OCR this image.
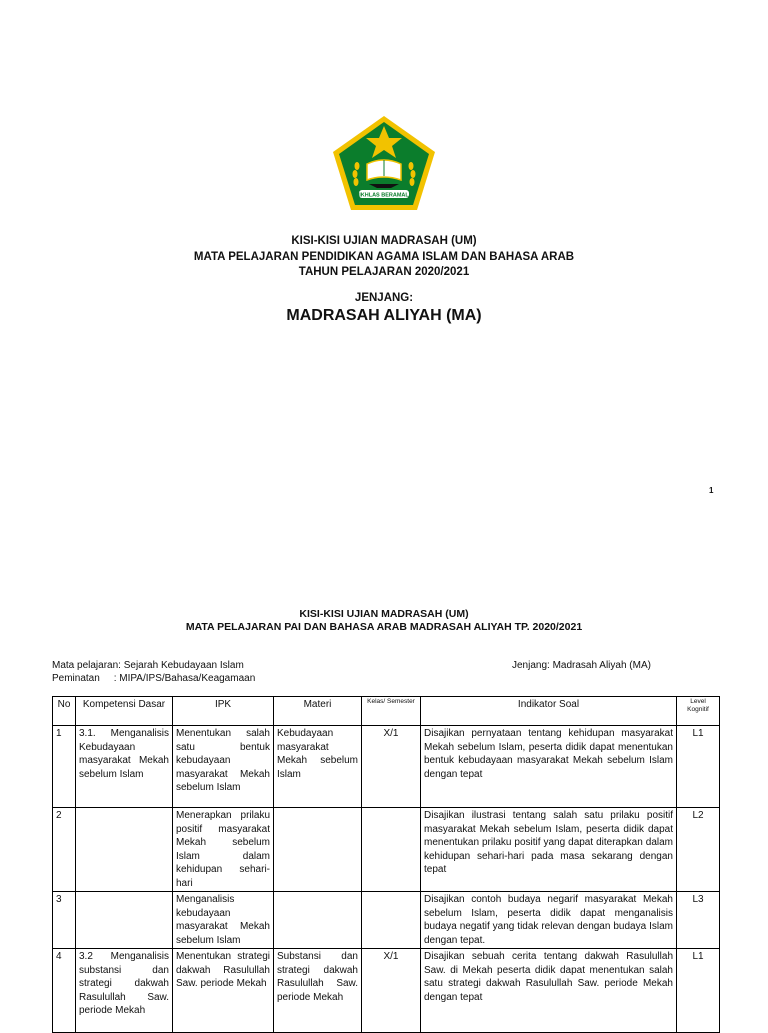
IKHLAS BERAMAL
KISI-KISI UJIAN MADRASAH (UM)
MATA PELAJARAN PENDIDIKAN AGAMA ISLAM DAN BAHASA ARAB
TAHUN PELAJARAN 2020/2021
JENJANG:
MADRASAH ALIYAH (MA)
1
KISI-KISI UJIAN MADRASAH (UM)
MATA PELAJARAN PAI DAN BAHASA ARAB MADRASAH ALIYAH TP. 2020/2021
Mata pelajaran: Sejarah Kebudayaan Islam
Peminatan     : MIPA/IPS/Bahasa/Keagamaan
Jenjang: Madrasah Aliyah (MA)
No	Kompetensi Dasar	IPK	Materi	Kelas/ Semester	Indikator Soal	Level Kognitif
1	3.1. Menganalisis Kebudayaan masyarakat Mekah sebelum Islam	Menentukan salah satu bentuk kebudayaan masyarakat Mekah sebelum Islam	Kebudayaan masyarakat Mekah sebelum Islam	X/1	Disajikan pernyataan tentang kehidupan masyarakat Mekah sebelum Islam, peserta didik dapat menentukan bentuk kebudayaan masyarakat Mekah sebelum Islam dengan tepat	L1
2		Menerapkan prilaku positif masyarakat Mekah sebelum Islam dalam kehidupan sehari-hari			Disajikan ilustrasi tentang salah satu prilaku positif masyarakat Mekah sebelum Islam, peserta didik dapat menentukan prilaku positif yang dapat diterapkan dalam kehidupan sehari-hari pada masa sekarang dengan tepat	L2
3		Menganalisis kebudayaan masyarakat Mekah sebelum Islam			Disajikan contoh budaya negarif masyarakat Mekah sebelum Islam, peserta didik dapat menganalisis budaya negatif yang tidak relevan dengan budaya Islam dengan tepat.	L3
4	3.2 Menganalisis substansi dan strategi dakwah Rasulullah Saw. periode Mekah	Menentukan strategi dakwah Rasulullah Saw. periode Mekah	Substansi dan strategi dakwah Rasulullah Saw. periode Mekah	X/1	Disajikan sebuah cerita tentang dakwah Rasulullah Saw. di Mekah peserta didik dapat menentukan salah satu strategi dakwah Rasulullah Saw. periode Mekah dengan tepat	L1
